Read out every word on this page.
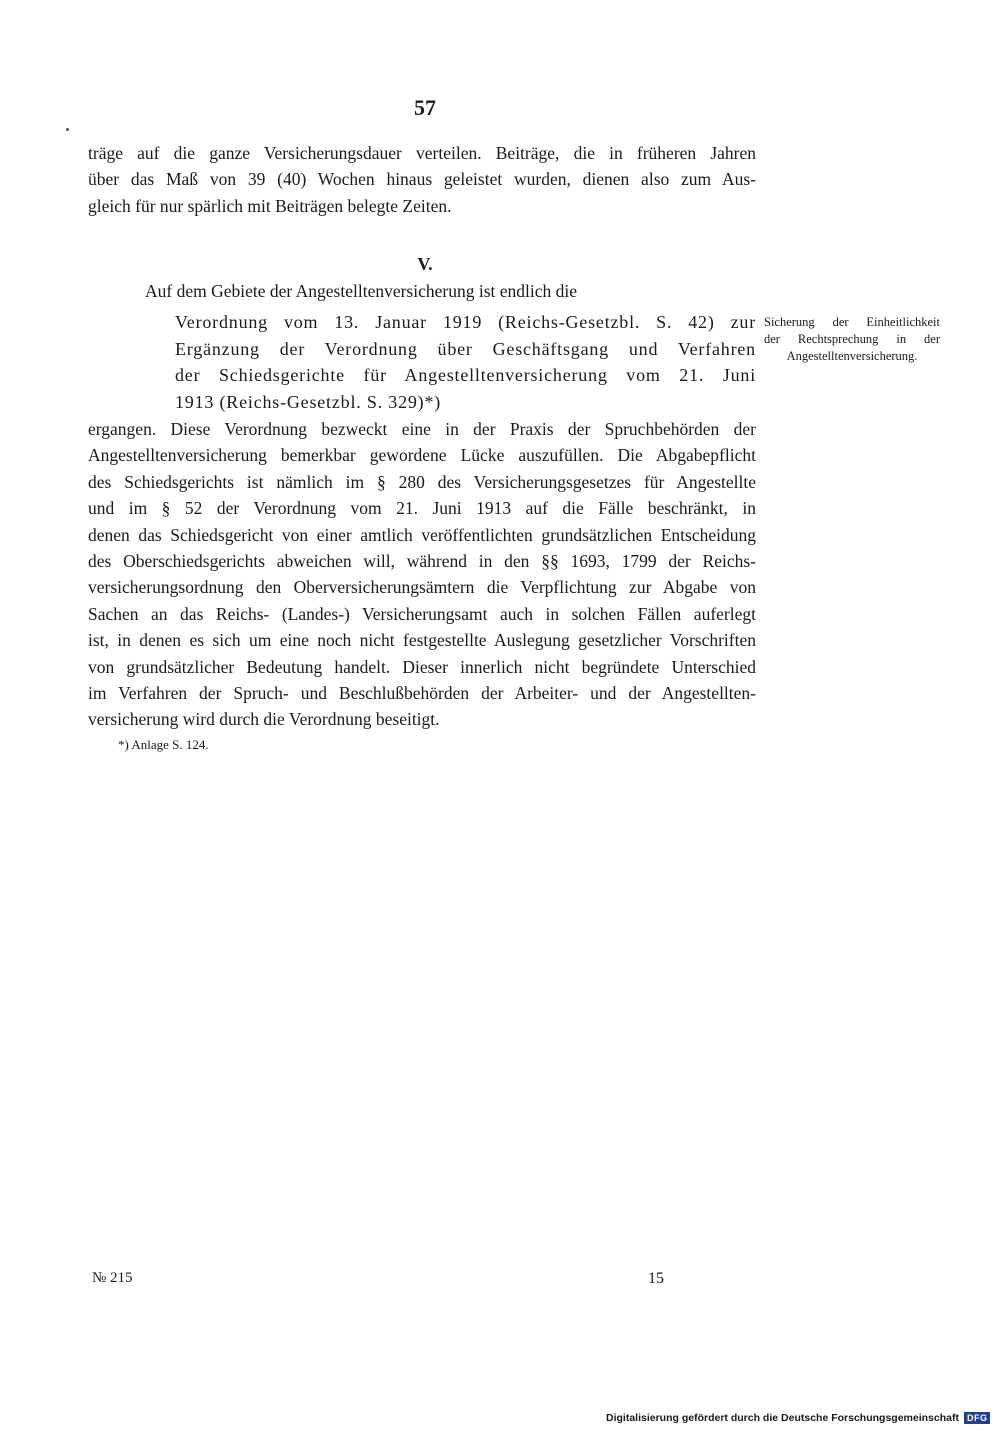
57
träge auf die ganze Versicherungsdauer verteilen. Beiträge, die in früheren Jahren
über das Maß von 39 (40) Wochen hinaus geleistet wurden, dienen also zum Aus-
gleich für nur spärlich mit Beiträgen belegte Zeiten.
V.
Auf dem Gebiete der Angestelltenversicherung ist endlich die
Verordnung vom 13. Januar 1919 (Reichs-Gesetzbl. S. 42) zur
Ergänzung der Verordnung über Geschäftsgang und Verfahren
der Schiedsgerichte für Angestelltenversicherung vom 21. Juni
1913 (Reichs-Gesetzbl. S. 329)*)
Sicherung der Einheitlichkeit
der Rechtsprechung in der
Angestelltenversicherung.
ergangen. Diese Verordnung bezweckt eine in der Praxis der Spruchbehörden der
Angestelltenversicherung bemerkbar gewordene Lücke auszufüllen. Die Abgabepflicht
des Schiedsgerichts ist nämlich im § 280 des Versicherungsgesetzes für Angestellte
und im § 52 der Verordnung vom 21. Juni 1913 auf die Fälle beschränkt, in
denen das Schiedsgericht von einer amtlich veröffentlichten grundsätzlichen Entscheidung
des Oberschiedsgerichts abweichen will, während in den §§ 1693, 1799 der Reichs-
versicherungsordnung den Oberversicherungsämtern die Verpflichtung zur Abgabe von
Sachen an das Reichs- (Landes-) Versicherungsamt auch in solchen Fällen auferlegt
ist, in denen es sich um eine noch nicht festgestellte Auslegung gesetzlicher Vorschriften
von grundsätzlicher Bedeutung handelt. Dieser innerlich nicht begründete Unterschied
im Verfahren der Spruch- und Beschlußbehörden der Arbeiter- und der Angestellten-
versicherung wird durch die Verordnung beseitigt.
*) Anlage S. 124.
№ 215	15
Digitalisierung gefördert durch die Deutsche Forschungsgemeinschaft DFG
